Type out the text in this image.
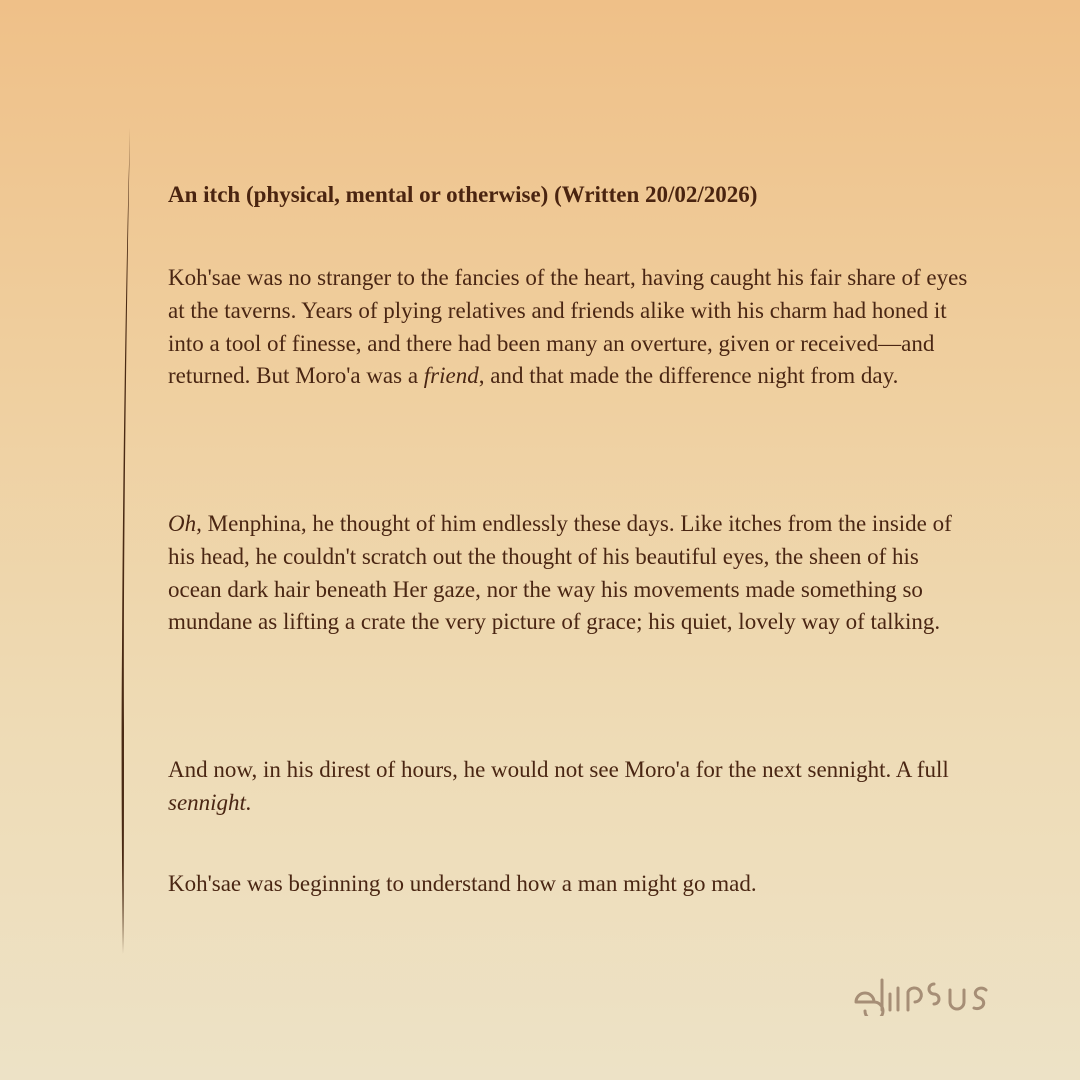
An itch (physical, mental or otherwise) (Written 20/02/2026)

Koh'sae was no stranger to the fancies of the heart, having caught his fair share of eyes at the taverns. Years of plying relatives and friends alike with his charm had honed it into a tool of finesse, and there had been many an overture, given or received—and returned. But Moro'a was a friend, and that made the difference night from day.

Oh, Menphina, he thought of him endlessly these days. Like itches from the inside of his head, he couldn't scratch out the thought of his beautiful eyes, the sheen of his ocean dark hair beneath Her gaze, nor the way his movements made something so mundane as lifting a crate the very picture of grace; his quiet, lovely way of talking.

And now, in his direst of hours, he would not see Moro'a for the next sennight. A full sennight.

Koh'sae was beginning to understand how a man might go mad.
